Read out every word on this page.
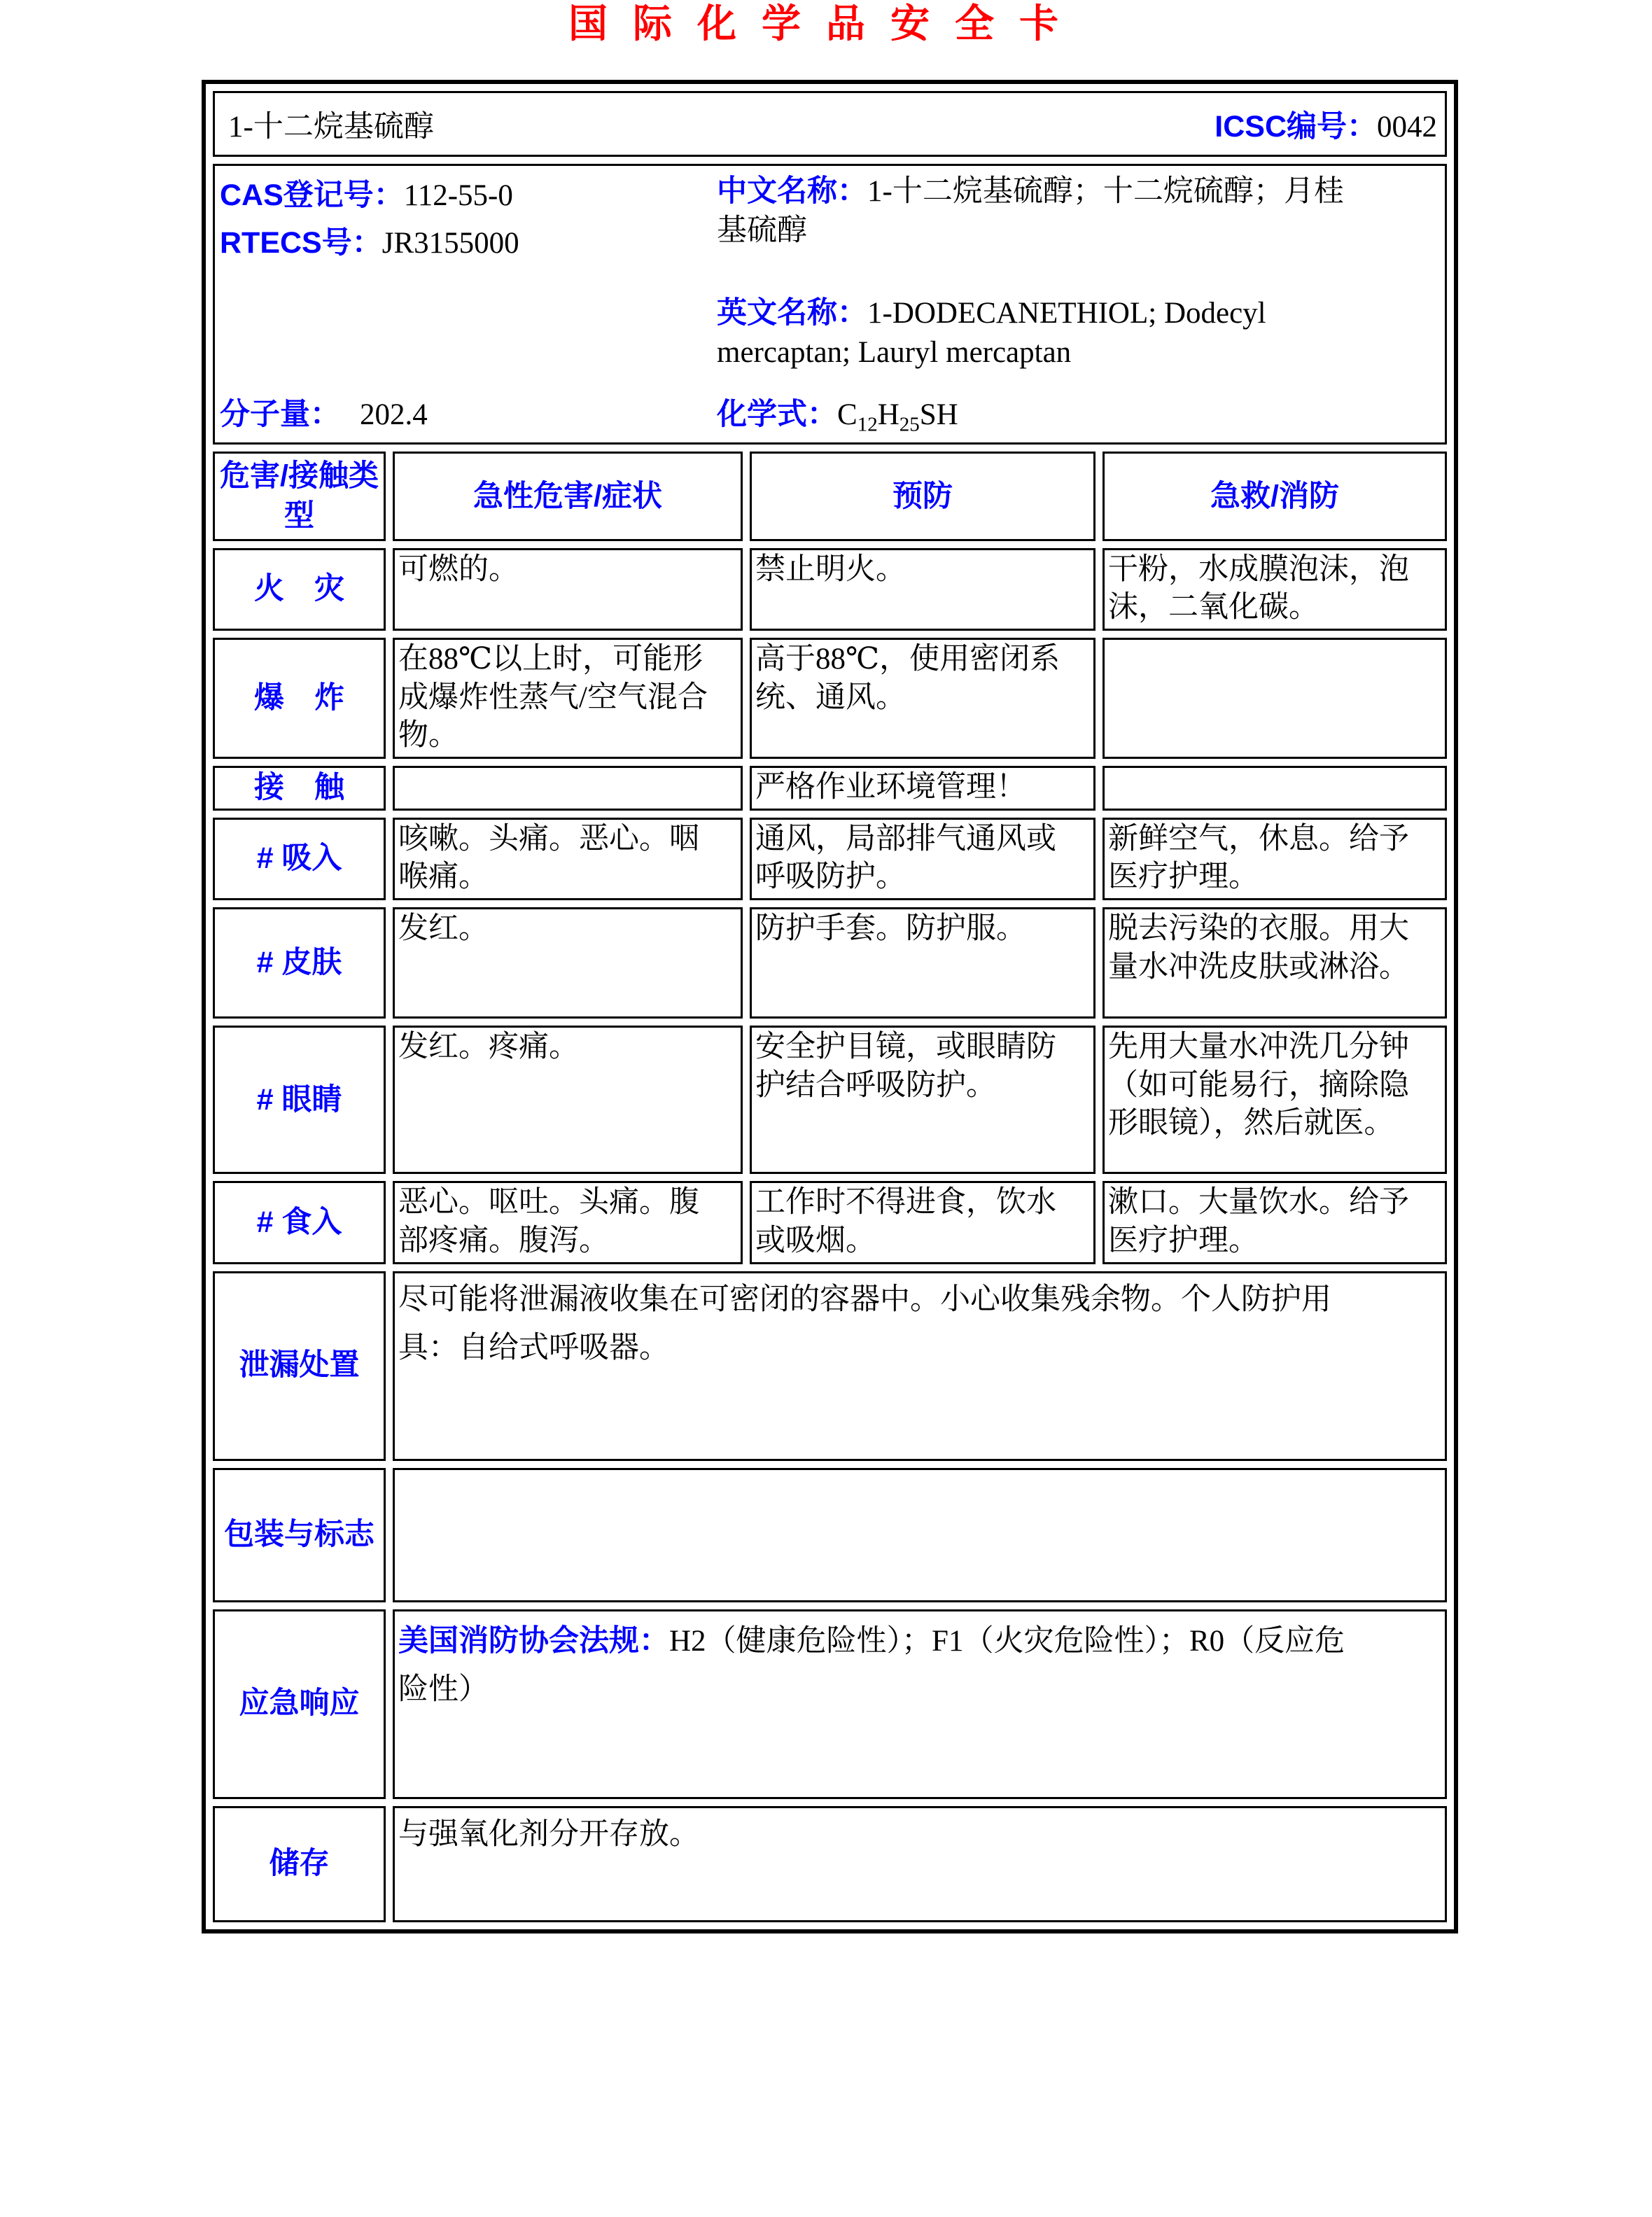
国际化学品安全卡
1-十二烷基硫醇 ICSC编号：0042			

CAS登记号：112-55-0
RTECS号：JR3155000

中文名称：1-十二烷基硫醇；十二烷硫醇；月桂基硫醇

英文名称：1-DODECANETHIOL; Dodecyl mercaptan; Lauryl mercaptan

分子量： 202.4	化学式：$C_{12}H_{25}SH$

危害/接触类型	急性危害/症状	预防	急救/消防
火　灾	可燃的。	禁止明火。	干粉，水成膜泡沫，泡沫，二氧化碳。
爆　炸	在88℃以上时，可能形成爆炸性蒸气/空气混合物。	高于88℃，使用密闭系统、通风。	
接　触		严格作业环境管理！	
# 吸入	咳嗽。头痛。恶心。咽喉痛。	通风，局部排气通风或呼吸防护。	新鲜空气，休息。给予医疗护理。
# 皮肤	发红。	防护手套。防护服。	脱去污染的衣服。用大量水冲洗皮肤或淋浴。
# 眼睛	发红。疼痛。	安全护目镜，或眼睛防护结合呼吸防护。	先用大量水冲洗几分钟（如可能易行，摘除隐形眼镜），然后就医。
# 食入	恶心。呕吐。头痛。腹部疼痛。腹泻。	工作时不得进食，饮水或吸烟。	漱口。大量饮水。给予医疗护理。
泄漏处置	尽可能将泄漏液收集在可密闭的容器中。小心收集残余物。个人防护用具：自给式呼吸器。		

包装与标志			

应急响应	美国消防协会法规：H2（健康危险性）；F1（火灾危险性）；R0（反应危险性）		

储存	与强氧化剂分开存放。		
